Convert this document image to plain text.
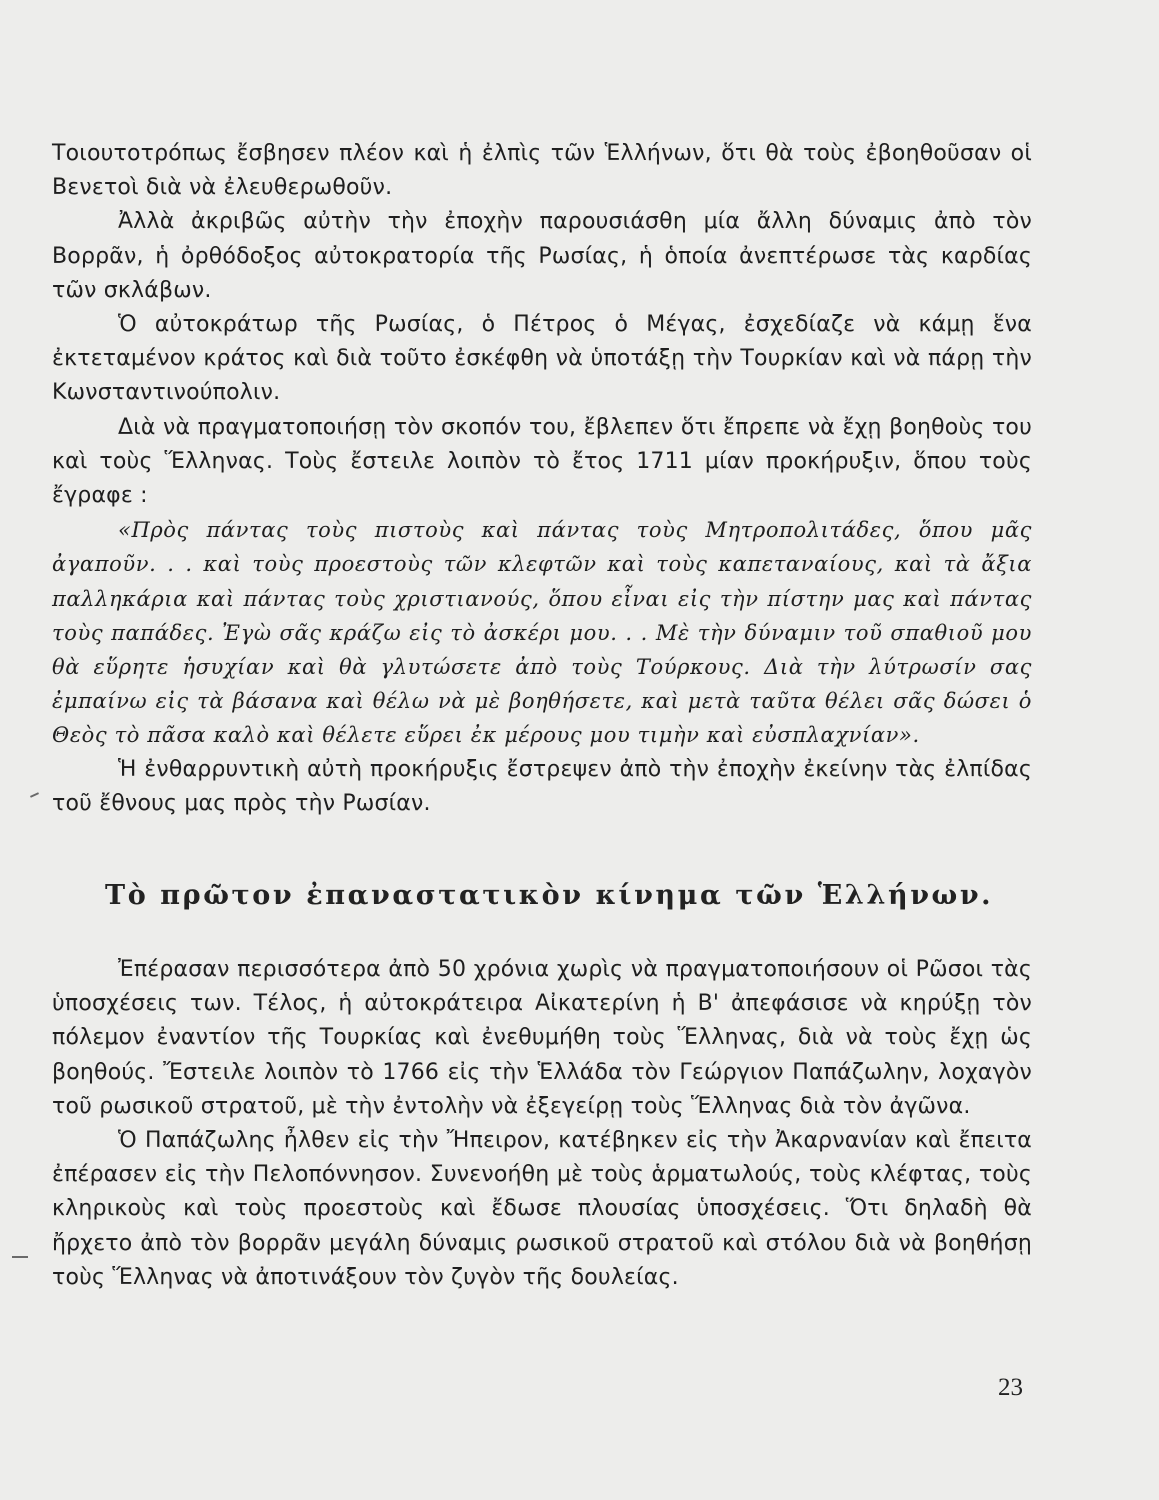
Τοιουτοτρόπως ἔσβησεν πλέον καὶ ἡ ἐλπὶς τῶν Ἑλλήνων, ὅτι θὰ τοὺς ἐβοηθοῦσαν οἱ Βενετοὶ διὰ νὰ ἐλευθερωθοῦν.

Ἀλλὰ ἀκριβῶς αὐτὴν τὴν ἐποχὴν παρουσιάσθη μία ἄλλη δύναμις ἀπὸ τὸν Βορρᾶν, ἡ ὀρθόδοξος αὐτοκρατορία τῆς Ρωσίας, ἡ ὁποία ἀνεπτέρωσε τὰς καρδίας τῶν σκλάβων.

Ὁ αὐτοκράτωρ τῆς Ρωσίας, ὁ Πέτρος ὁ Μέγας, ἐσχεδίαζε νὰ κάμῃ ἕνα ἐκτεταμένον κράτος καὶ διὰ τοῦτο ἐσκέφθη νὰ ὑποτάξῃ τὴν Τουρκίαν καὶ νὰ πάρῃ τὴν Κωνσταντινούπολιν.

Διὰ νὰ πραγματοποιήσῃ τὸν σκοπόν του, ἔβλεπεν ὅτι ἔπρεπε νὰ ἔχῃ βοηθοὺς του καὶ τοὺς Ἕλληνας. Τοὺς ἔστειλε λοιπὸν τὸ ἔτος 1711 μίαν προκήρυξιν, ὅπου τοὺς ἔγραφε :

«Πρὸς πάντας τοὺς πιστοὺς καὶ πάντας τοὺς Μητροπολιτάδες, ὅπου μᾶς ἀγαποῦν. . . καὶ τοὺς προεστοὺς τῶν κλεφτῶν καὶ τοὺς καπεταναίους, καὶ τὰ ἄξια παλληκάρια καὶ πάντας τοὺς χριστιανούς, ὅπου εἶναι εἰς τὴν πίστην μας καὶ πάντας τοὺς παπάδες. Ἐγὼ σᾶς κράζω εἰς τὸ ἀσκέρι μου. . . Μὲ τὴν δύναμιν τοῦ σπαθιοῦ μου θὰ εὕρητε ἡσυχίαν καὶ θὰ γλυτώσετε ἀπὸ τοὺς Τούρκους. Διὰ τὴν λύτρωσίν σας ἐμπαίνω εἰς τὰ βάσανα καὶ θέλω νὰ μὲ βοηθήσετε, καὶ μετὰ ταῦτα θέλει σᾶς δώσει ὁ Θεὸς τὸ πᾶσα καλὸ καὶ θέλετε εὕρει ἐκ μέρους μου τιμὴν καὶ εὐσπλαχνίαν».

Ἡ ἐνθαρρυντικὴ αὐτὴ προκήρυξις ἔστρεψεν ἀπὸ τὴν ἐποχὴν ἐκείνην τὰς ἐλπίδας τοῦ ἔθνους μας πρὸς τὴν Ρωσίαν.

Τὸ πρῶτον ἐπαναστατικὸν κίνημα τῶν Ἑλλήνων.

Ἐπέρασαν περισσότερα ἀπὸ 50 χρόνια χωρὶς νὰ πραγματοποιήσουν οἱ Ρῶσοι τὰς ὑποσχέσεις των. Τέλος, ἡ αὐτοκράτειρα Αἰκατερίνη ἡ Β' ἀπεφάσισε νὰ κηρύξῃ τὸν πόλεμον ἐναντίον τῆς Τουρκίας καὶ ἐνεθυμήθη τοὺς Ἕλληνας, διὰ νὰ τοὺς ἔχῃ ὡς βοηθούς. Ἔστειλε λοιπὸν τὸ 1766 εἰς τὴν Ἑλλάδα τὸν Γεώργιον Παπάζωλην, λοχαγὸν τοῦ ρωσικοῦ στρατοῦ, μὲ τὴν ἐντολὴν νὰ ἐξεγείρῃ τοὺς Ἕλληνας διὰ τὸν ἀγῶνα.

Ὁ Παπάζωλης ἦλθεν εἰς τὴν Ἤπειρον, κατέβηκεν εἰς τὴν Ἀκαρνανίαν καὶ ἔπειτα ἐπέρασεν εἰς τὴν Πελοπόννησον. Συνενοήθη μὲ τοὺς ἁρματωλούς, τοὺς κλέφτας, τοὺς κληρικοὺς καὶ τοὺς προεστοὺς καὶ ἔδωσε πλουσίας ὑποσχέσεις. Ὅτι δηλαδὴ θὰ ἤρχετο ἀπὸ τὸν βορρᾶν μεγάλη δύναμις ρωσικοῦ στρατοῦ καὶ στόλου διὰ νὰ βοηθήσῃ τοὺς Ἕλληνας νὰ ἀποτινάξουν τὸν ζυγὸν τῆς δουλείας.

23
